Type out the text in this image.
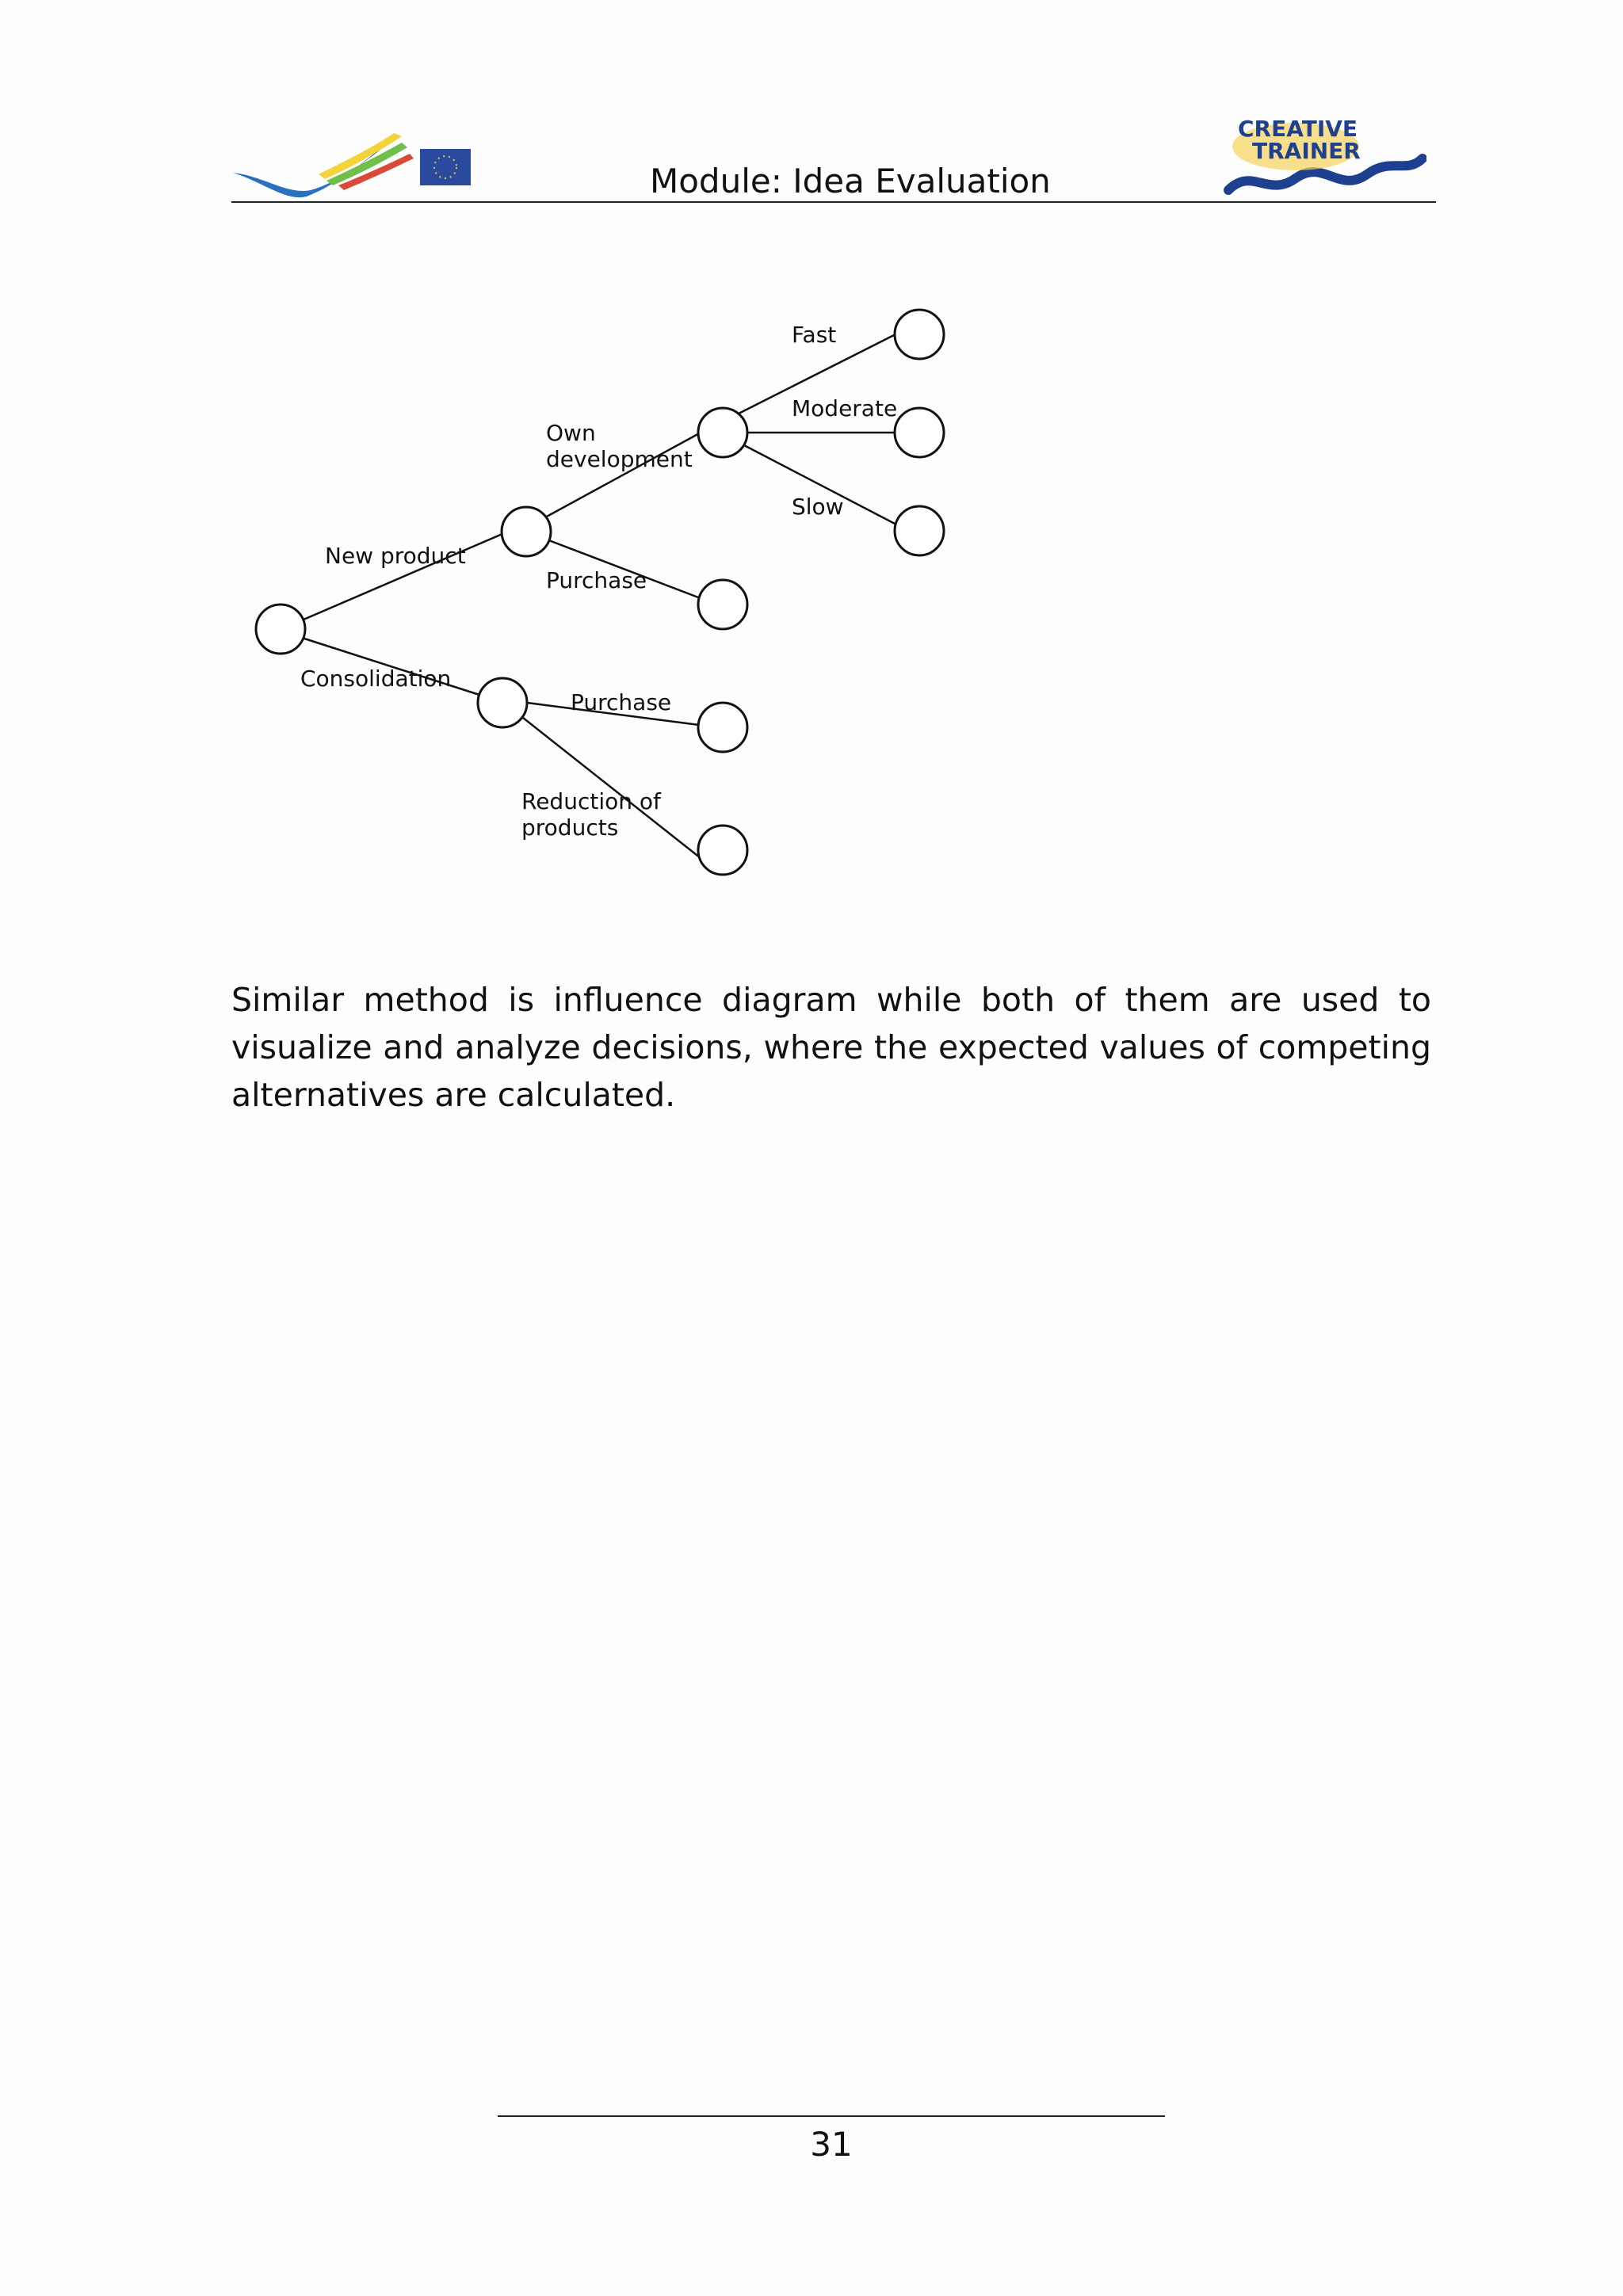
Module: Idea Evaluation
CREATIVE
TRAINER
New product
Consolidation
Own
development
Purchase
Purchase
Reduction of
products
Fast
Moderate
Slow

Similar method is influence diagram while both of them are used to visualize and analyze decisions, where the expected values of competing alternatives are calculated.

31
